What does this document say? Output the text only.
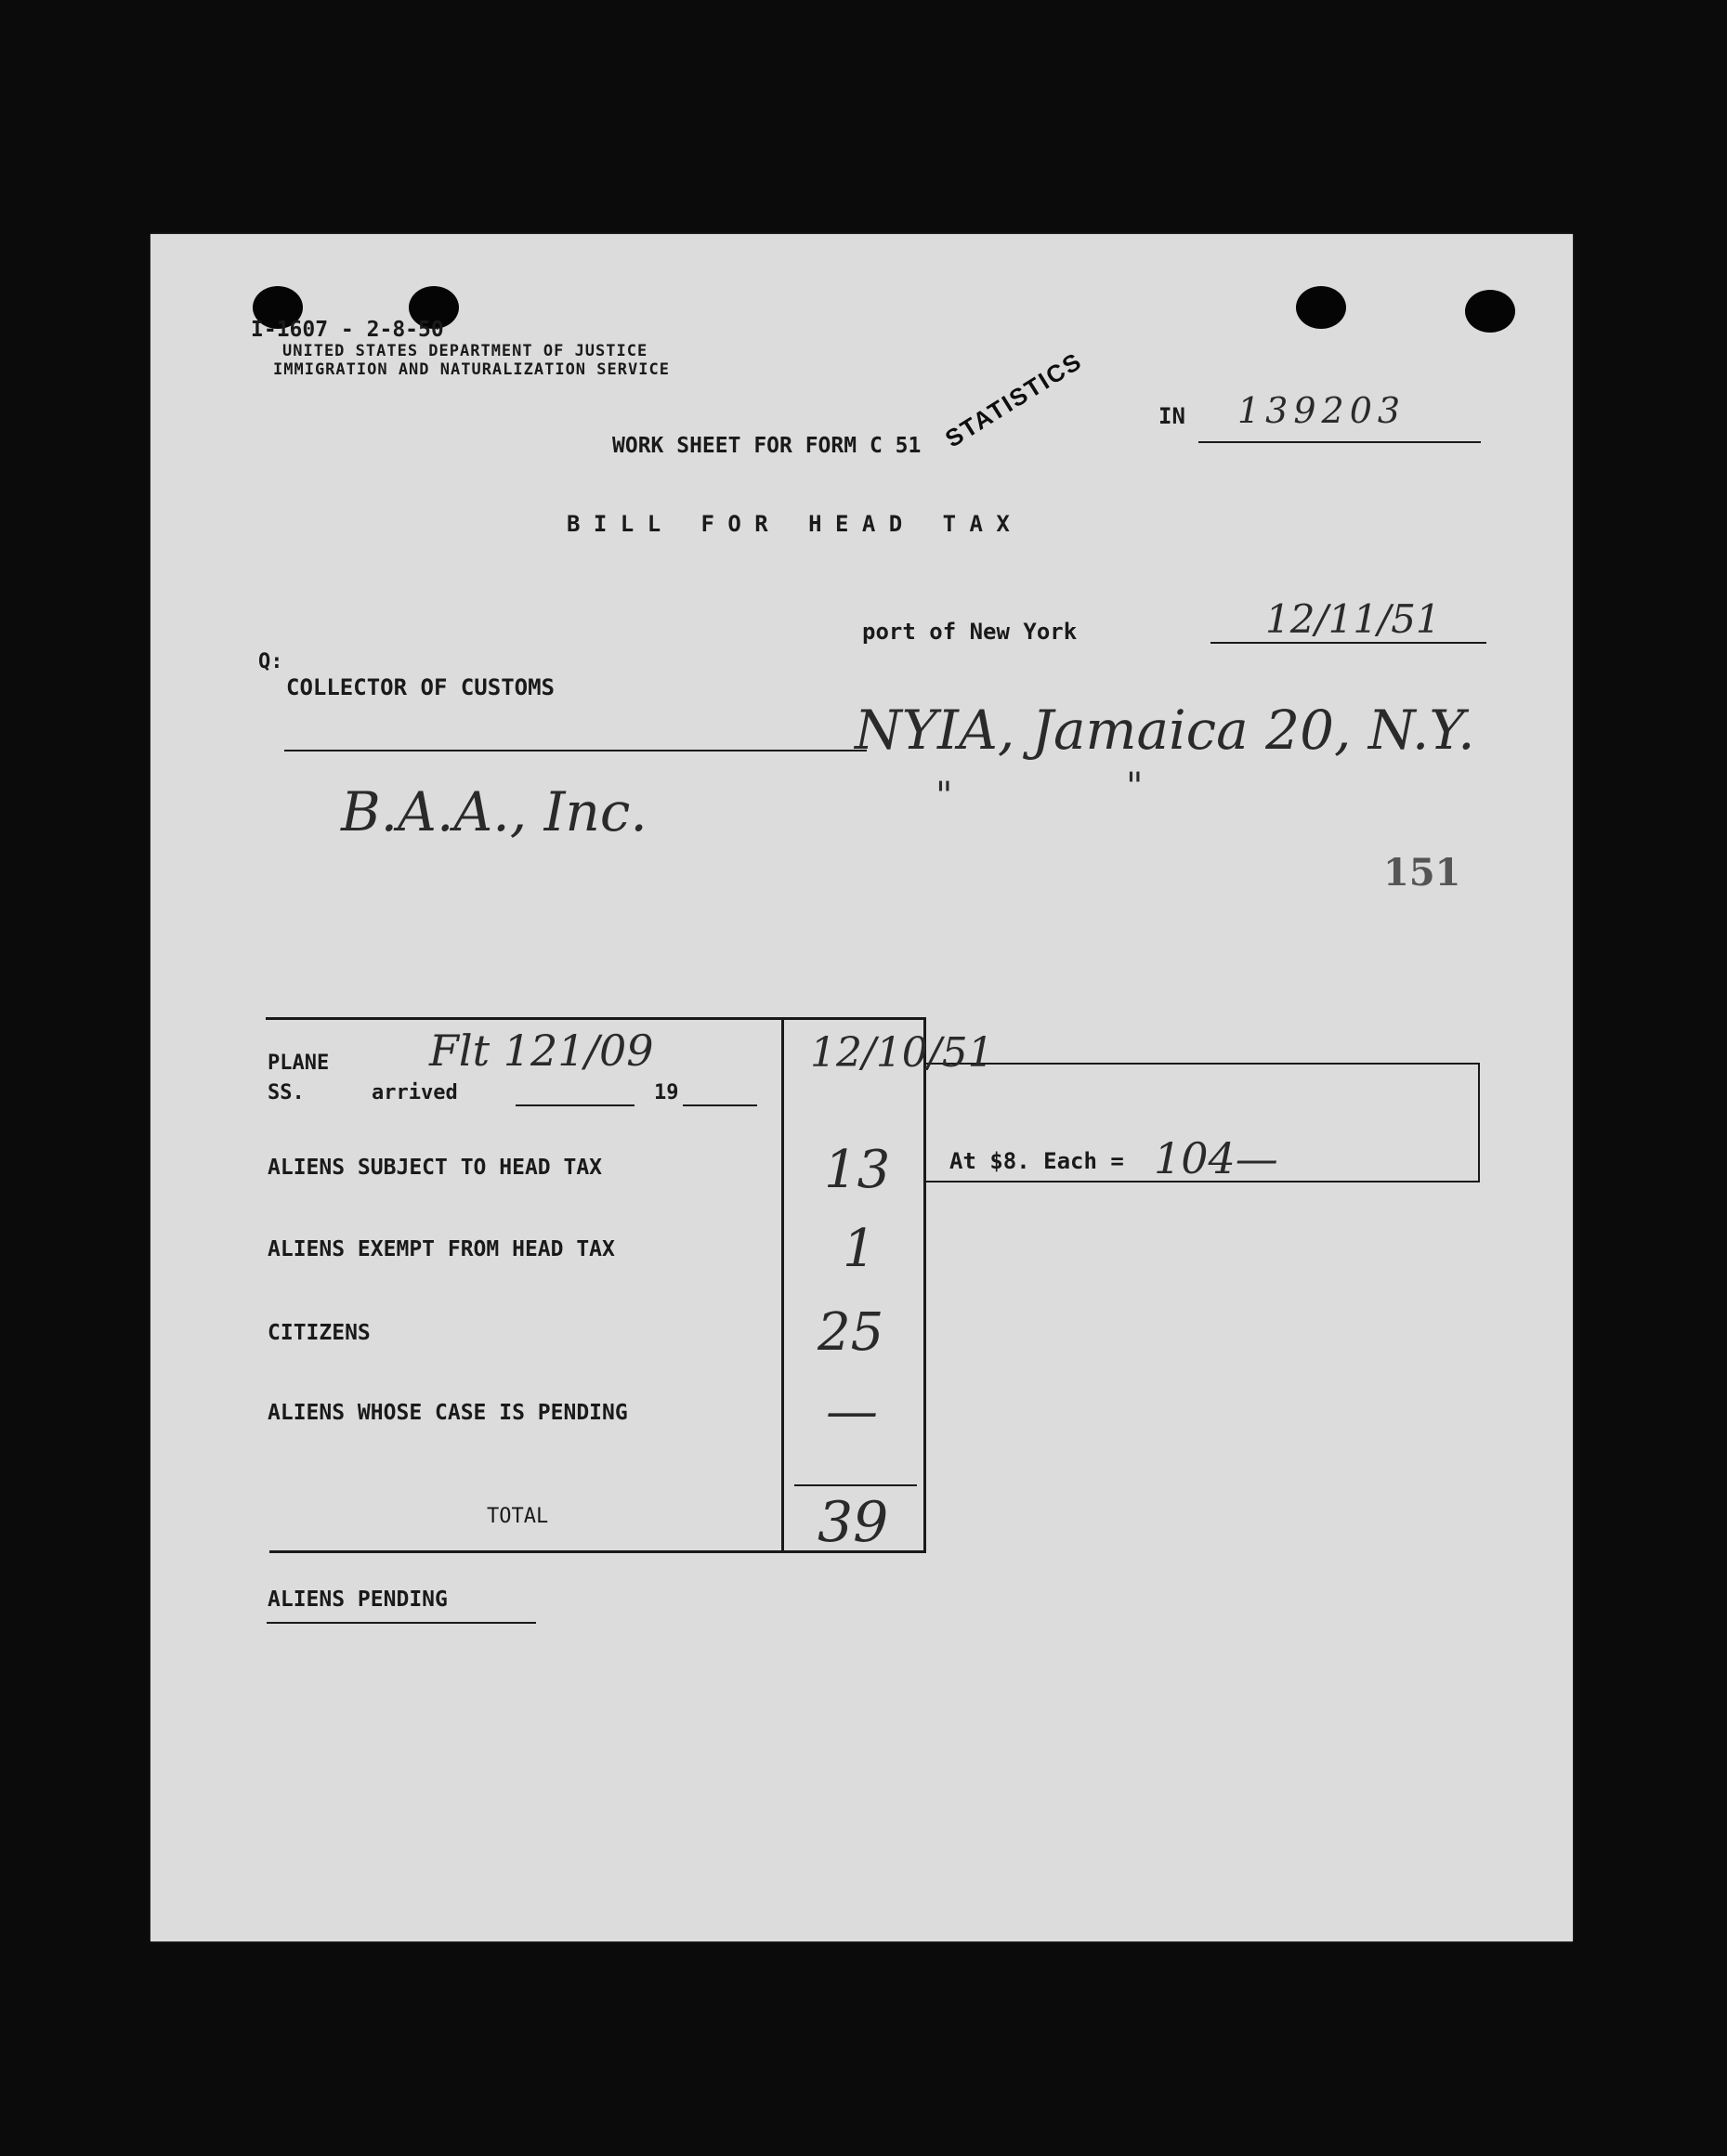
I-1607 - 2-8-50
UNITED STATES DEPARTMENT OF JUSTICE
IMMIGRATION AND NATURALIZATION SERVICE	STATISTICS	IN 139203
WORK SHEET FOR FORM C 51
B I L L   F O R   H E A D   T A X
port of New York	12/11/51
Q:
COLLECTOR OF CUSTOMS
NYIA, Jamaica 20, N.Y.
"	"
B.A.A., Inc.
151
PLANE Flt 121/09	12/10/51
SS.	arrived	19
ALIENS SUBJECT TO HEAD TAX	13	At $8. Each = 104—
ALIENS EXEMPT FROM HEAD TAX	1
CITIZENS	25
ALIENS WHOSE CASE IS PENDING	—
TOTAL	39
ALIENS PENDING
